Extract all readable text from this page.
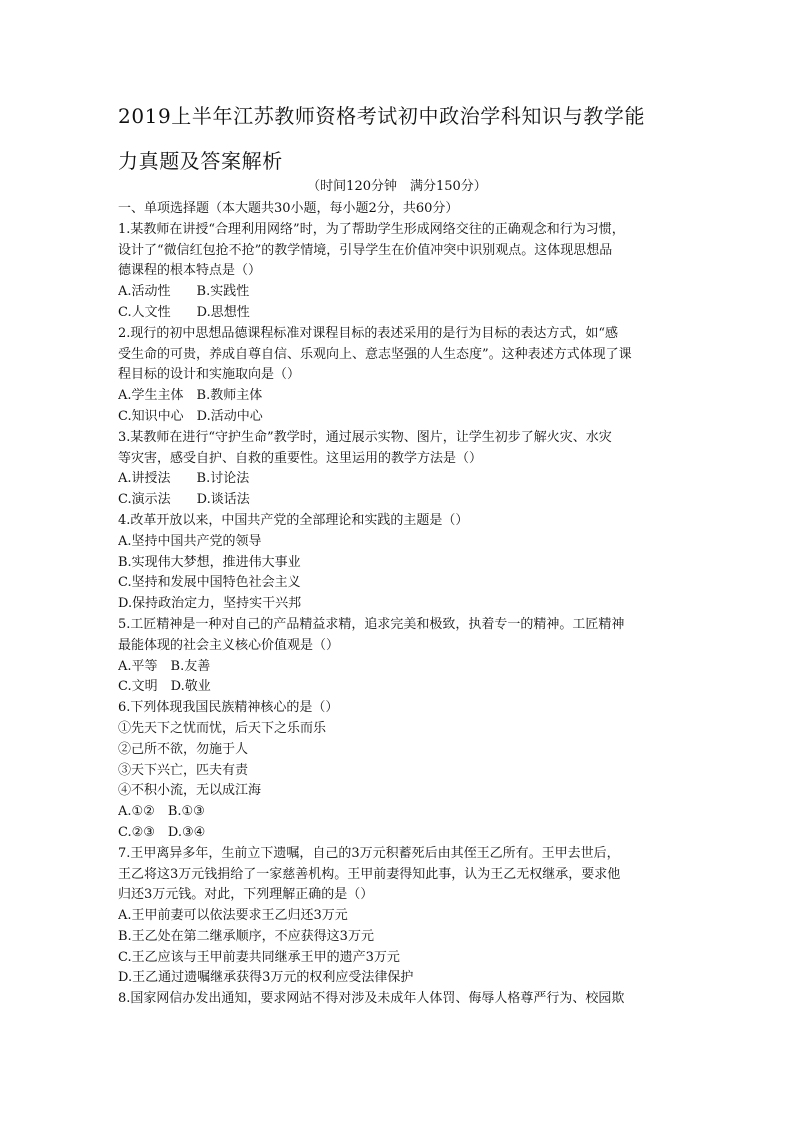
2019上半年江苏教师资格考试初中政治学科知识与教学能
力真题及答案解析
（时间120分钟　满分150分）
一、单项选择题（本大题共30小题，每小题2分，共60分）
1.某教师在讲授“合理利用网络”时，为了帮助学生形成网络交往的正确观念和行为习惯，
设计了“微信红包抢不抢”的教学情境，引导学生在价值冲突中识别观点。这体现思想品
德课程的根本特点是（）
A.活动性　　B.实践性
C.人文性　　D.思想性
2.现行的初中思想品德课程标准对课程目标的表述采用的是行为目标的表达方式，如“感
受生命的可贵，养成自尊自信、乐观向上、意志坚强的人生态度”。这种表述方式体现了课
程目标的设计和实施取向是（）
A.学生主体　B.教师主体
C.知识中心　D.活动中心
3.某教师在进行“守护生命”教学时，通过展示实物、图片，让学生初步了解火灾、水灾
等灾害，感受自护、自救的重要性。这里运用的教学方法是（）
A.讲授法　　B.讨论法
C.演示法　　D.谈话法
4.改革开放以来，中国共产党的全部理论和实践的主题是（）
A.坚持中国共产党的领导
B.实现伟大梦想，推进伟大事业
C.坚持和发展中国特色社会主义
D.保持政治定力，坚持实干兴邦
5.工匠精神是一种对自己的产品精益求精，追求完美和极致，执着专一的精神。工匠精神
最能体现的社会主义核心价值观是（）
A.平等　B.友善
C.文明　D.敬业
6.下列体现我国民族精神核心的是（）
①先天下之忧而忧，后天下之乐而乐
②己所不欲，勿施于人
③天下兴亡，匹夫有责
④不积小流，无以成江海
A.①②　B.①③
C.②③　D.③④
7.王甲离异多年，生前立下遗嘱，自己的3万元积蓄死后由其侄王乙所有。王甲去世后，
王乙将这3万元钱捐给了一家慈善机构。王甲前妻得知此事，认为王乙无权继承，要求他
归还3万元钱。对此，下列理解正确的是（）
A.王甲前妻可以依法要求王乙归还3万元
B.王乙处在第二继承顺序，不应获得这3万元
C.王乙应该与王甲前妻共同继承王甲的遗产3万元
D.王乙通过遗嘱继承获得3万元的权利应受法律保护
8.国家网信办发出通知，要求网站不得对涉及未成年人体罚、侮辱人格尊严行为、校园欺
